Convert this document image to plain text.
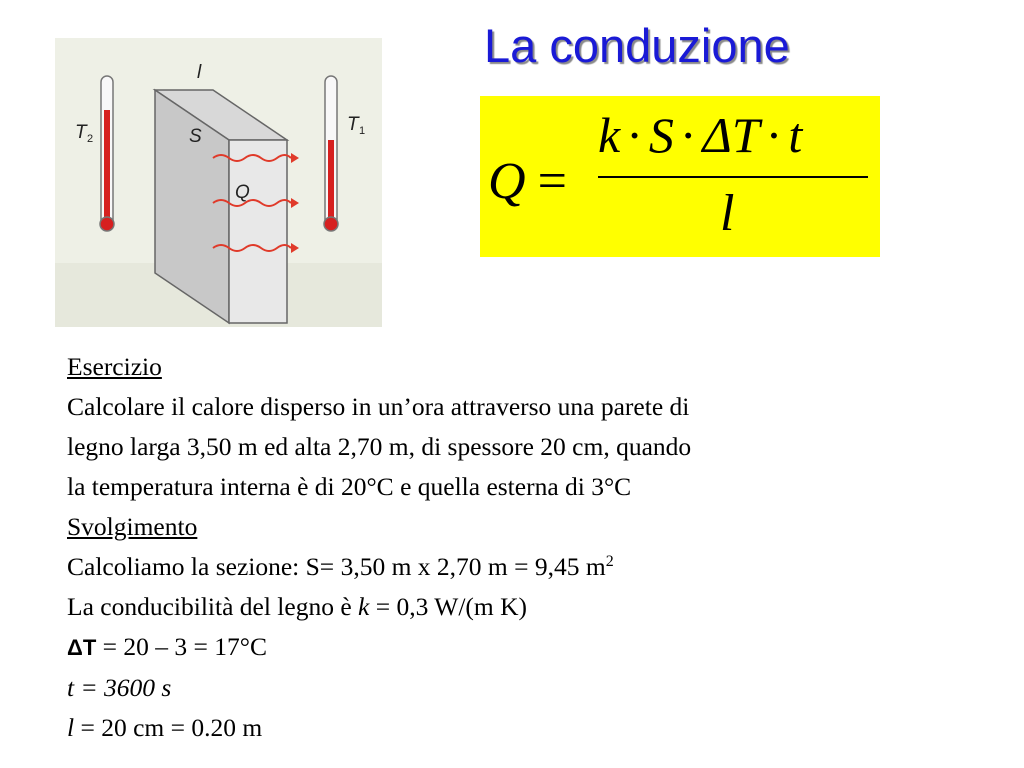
La conduzione
T 2
T 1
l
S
Q	Q =
k · S · ΔT · t
l
Esercizio
Calcolare il calore disperso in un’ora attraverso una parete di
legno larga 3,50 m ed alta 2,70 m, di spessore 20 cm, quando
la temperatura interna è di 20°C e quella esterna di 3°C
Svolgimento
Calcoliamo la sezione: S= 3,50 m x 2,70 m = 9,45 $m^2$
La conducibilità del legno è k = 0,3 W/(m K)
ΔT = 20 – 3 = 17°C
t = 3600 s
l = 20 cm = 0.20 m
